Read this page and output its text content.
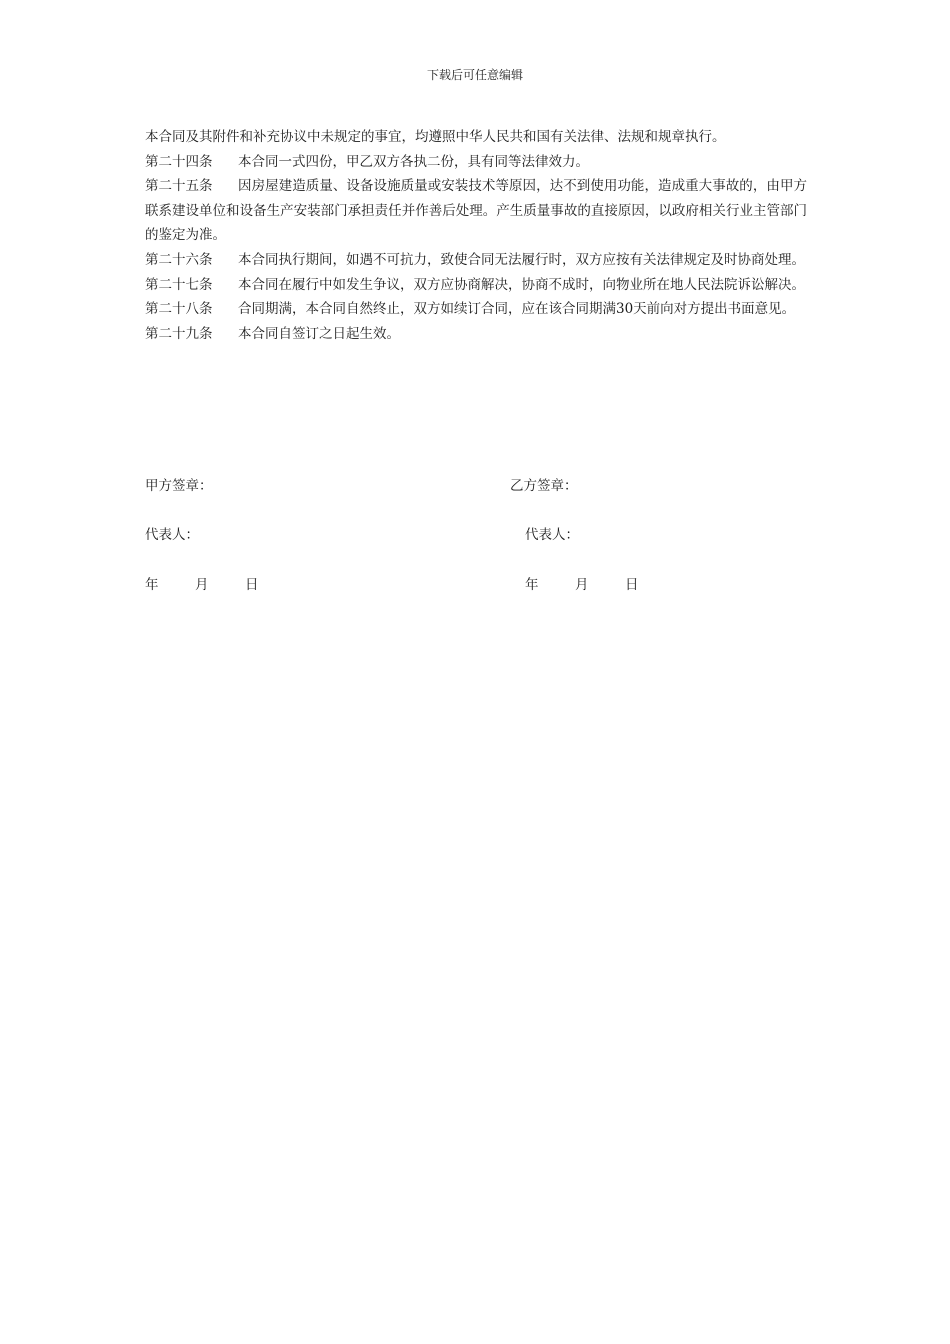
下载后可任意编辑

本合同及其附件和补充协议中未规定的事宜，均遵照中华人民共和国有关法律、法规和规章执行。

第二十四条 本合同一式四份，甲乙双方各执二份，具有同等法律效力。

第二十五条 因房屋建造质量、设备设施质量或安装技术等原因，达不到使用功能，造成重大事故的，由甲方联系建设单位和设备生产安装部门承担责任并作善后处理。产生质量事故的直接原因，以政府相关行业主管部门的鉴定为准。

第二十六条 本合同执行期间，如遇不可抗力，致使合同无法履行时，双方应按有关法律规定及时协商处理。

第二十七条 本合同在履行中如发生争议，双方应协商解决，协商不成时，向物业所在地人民法院诉讼解决。

第二十八条 合同期满，本合同自然终止，双方如续订合同，应在该合同期满30天前向对方提出书面意见。

第二十九条 本合同自签订之日起生效。

甲方签章：
代表人：
年	月	日
乙方签章：
代表人：
年	月	日
